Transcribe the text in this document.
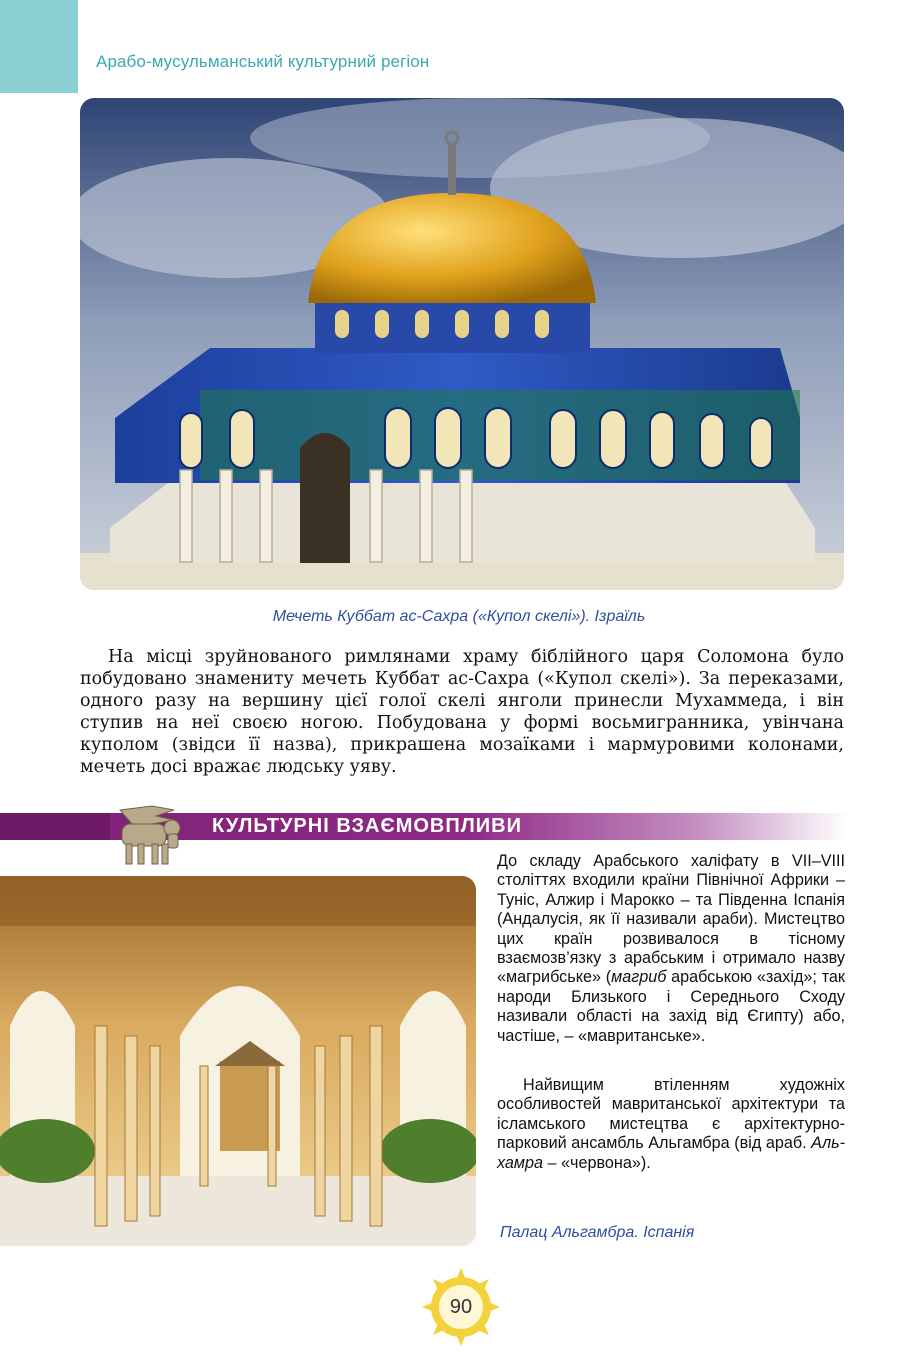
Арабо-мусульманський культурний регіон
Мечеть Куббат ас-Сахра («Купол скелі»). Ізраїль

На місці зруйнованого римлянами храму біблійного царя Соломона було побудовано знамениту мечеть Куббат ас-Сахра («Купол скелі»). За переказами, одного разу на вершину цієї голої скелі янголи принесли Мухаммеда, і він ступив на неї своєю ногою. Побудована у формі восьмигранника, увінчана куполом (звідси її назва), прикрашена мозаїками і мармуровими колонами, мечеть досі вражає людську уяву.

КУЛЬТУРНІ ВЗАЄМОВПЛИВИ

До складу Арабського халіфату в VII–VIII століттях входили країни Північної Африки – Туніс, Алжир і Марокко – та Південна Іспанія (Андалусія, як її називали араби). Мистецтво цих країн розвивалося в тісному взаємозв’язку з арабським і отримало назву «магрибське» (магриб арабською «захід»; так народи Близького і Середнього Сходу називали області на захід від Єгипту) або, частіше, – «мавританське».

Найвищим втіленням художніх особливостей мавританської архітектури та ісламського мистецтва є архітектурно-парковий ансамбль Альгамбра (від араб. Аль-хамра – «червона»).

Палац Альгамбра. Іспанія
90
